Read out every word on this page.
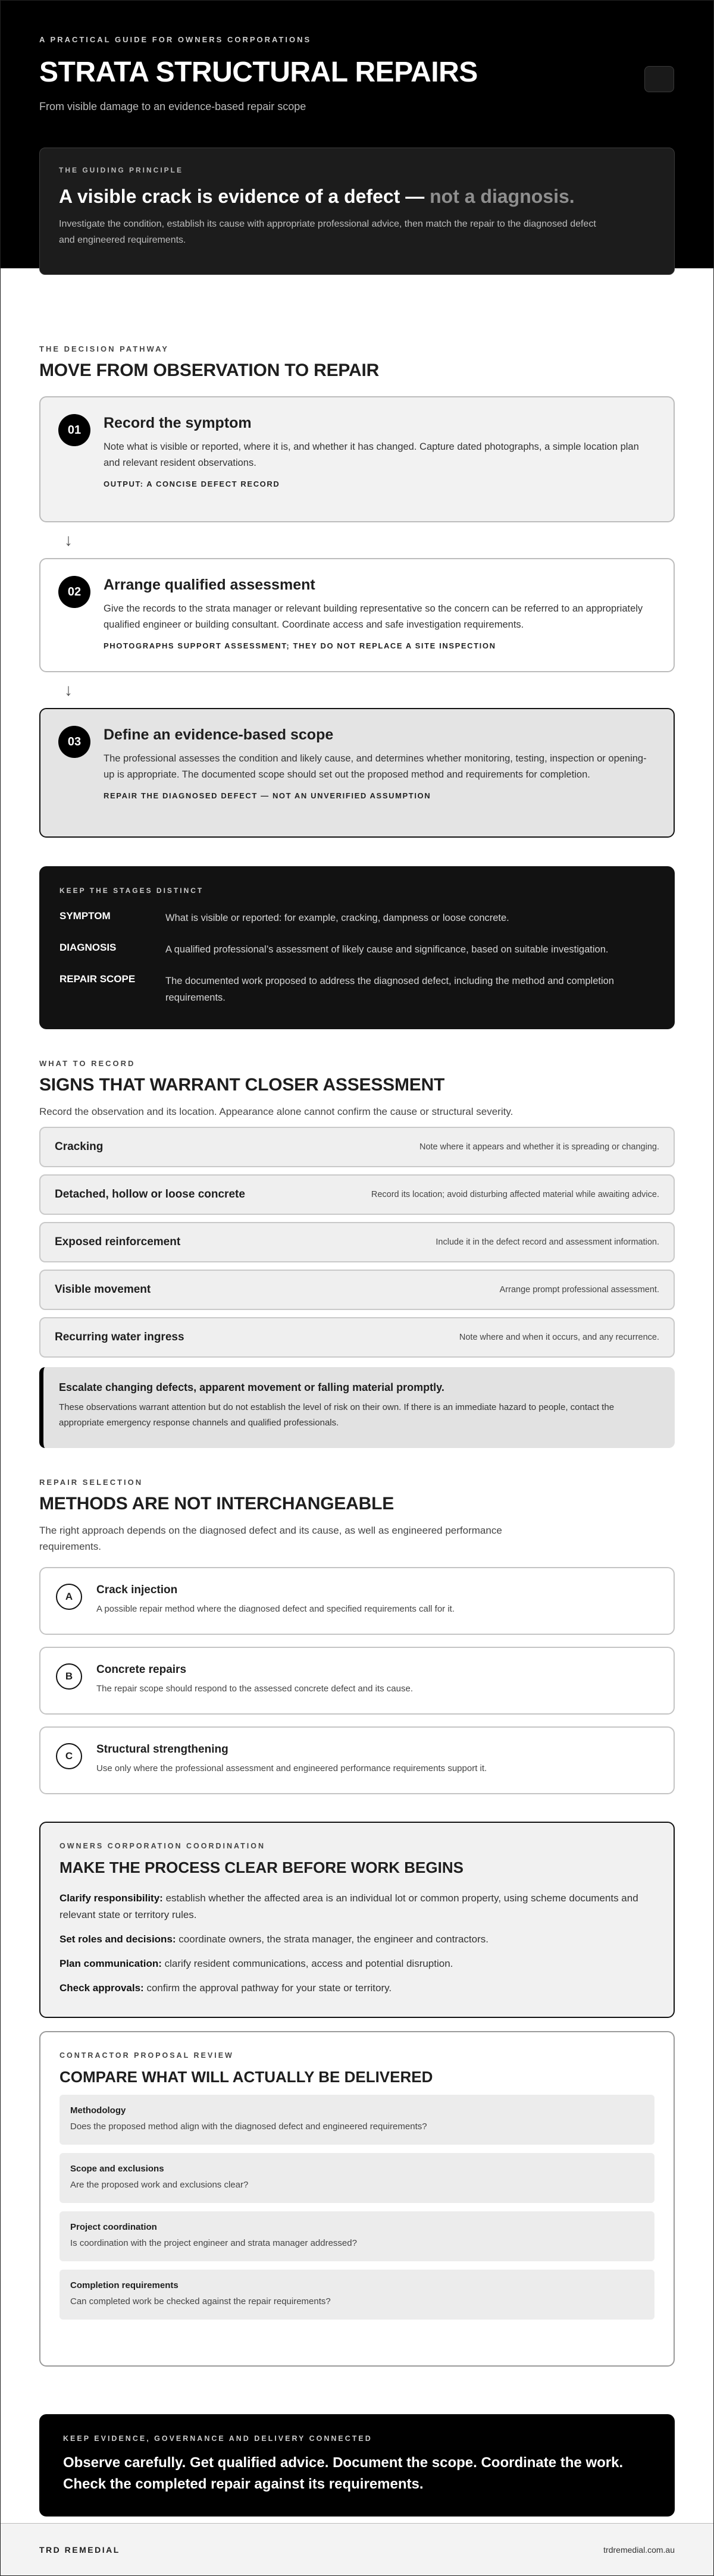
A PRACTICAL GUIDE FOR OWNERS CORPORATIONS
STRATA STRUCTURAL REPAIRS
From visible damage to an evidence-based repair scope
THE GUIDING PRINCIPLE
A visible crack is evidence of a defect — not a diagnosis.

Investigate the condition, establish its cause with appropriate professional advice, then match the repair to the diagnosed defect and engineered requirements.

THE DECISION PATHWAY
MOVE FROM OBSERVATION TO REPAIR
01	Record the symptom

Note what is visible or reported, where it is, and whether it has changed. Capture dated photographs, a simple location plan and relevant resident observations.

OUTPUT: A CONCISE DEFECT RECORD
↓
02	Arrange qualified assessment

Give the records to the strata manager or relevant building representative so the concern can be referred to an appropriately qualified engineer or building consultant. Coordinate access and safe investigation requirements.

PHOTOGRAPHS SUPPORT ASSESSMENT; THEY DO NOT REPLACE A SITE INSPECTION
↓
03	Define an evidence-based scope

The professional assesses the condition and likely cause, and determines whether monitoring, testing, inspection or opening-up is appropriate. The documented scope should set out the proposed method and requirements for completion.

REPAIR THE DIAGNOSED DEFECT — NOT AN UNVERIFIED ASSUMPTION
KEEP THE STAGES DISTINCT
SYMPTOM	What is visible or reported: for example, cracking, dampness or loose concrete.
DIAGNOSIS	A qualified professional’s assessment of likely cause and significance, based on suitable investigation.
REPAIR SCOPE	The documented work proposed to address the diagnosed defect, including the method and completion requirements.
WHAT TO RECORD
SIGNS THAT WARRANT CLOSER ASSESSMENT
Record the observation and its location. Appearance alone cannot confirm the cause or structural severity.
Cracking	Note where it appears and whether it is spreading or changing.
Detached, hollow or loose concrete	Record its location; avoid disturbing affected material while awaiting advice.
Exposed reinforcement	Include it in the defect record and assessment information.
Visible movement	Arrange prompt professional assessment.
Recurring water ingress	Note where and when it occurs, and any recurrence.
Escalate changing defects, apparent movement or falling material promptly.

These observations warrant attention but do not establish the level of risk on their own. If there is an immediate hazard to people, contact the appropriate emergency response channels and qualified professionals.

REPAIR SELECTION
METHODS ARE NOT INTERCHANGEABLE
The right approach depends on the diagnosed defect and its cause, as well as engineered performance requirements.
A
Crack injection

A possible repair method where the diagnosed defect and specified requirements call for it.

B
Concrete repairs

The repair scope should respond to the assessed concrete defect and its cause.

C
Structural strengthening

Use only where the professional assessment and engineered performance requirements support it.

OWNERS CORPORATION COORDINATION
MAKE THE PROCESS CLEAR BEFORE WORK BEGINS
Clarify responsibility: establish whether the affected area is an individual lot or common property, using scheme documents and relevant state or territory rules.
Set roles and decisions: coordinate owners, the strata manager, the engineer and contractors.
Plan communication: clarify resident communications, access and potential disruption.
Check approvals: confirm the approval pathway for your state or territory.
CONTRACTOR PROPOSAL REVIEW
COMPARE WHAT WILL ACTUALLY BE DELIVERED
Methodology

Does the proposed method align with the diagnosed defect and engineered requirements?

Scope and exclusions

Are the proposed work and exclusions clear?

Project coordination

Is coordination with the project engineer and strata manager addressed?

Completion requirements

Can completed work be checked against the repair requirements?

KEEP EVIDENCE, GOVERNANCE AND DELIVERY CONNECTED

Observe carefully. Get qualified advice. Document the scope. Coordinate the work. Check the completed repair against its requirements.

TRD REMEDIAL	trdremedial.com.au
